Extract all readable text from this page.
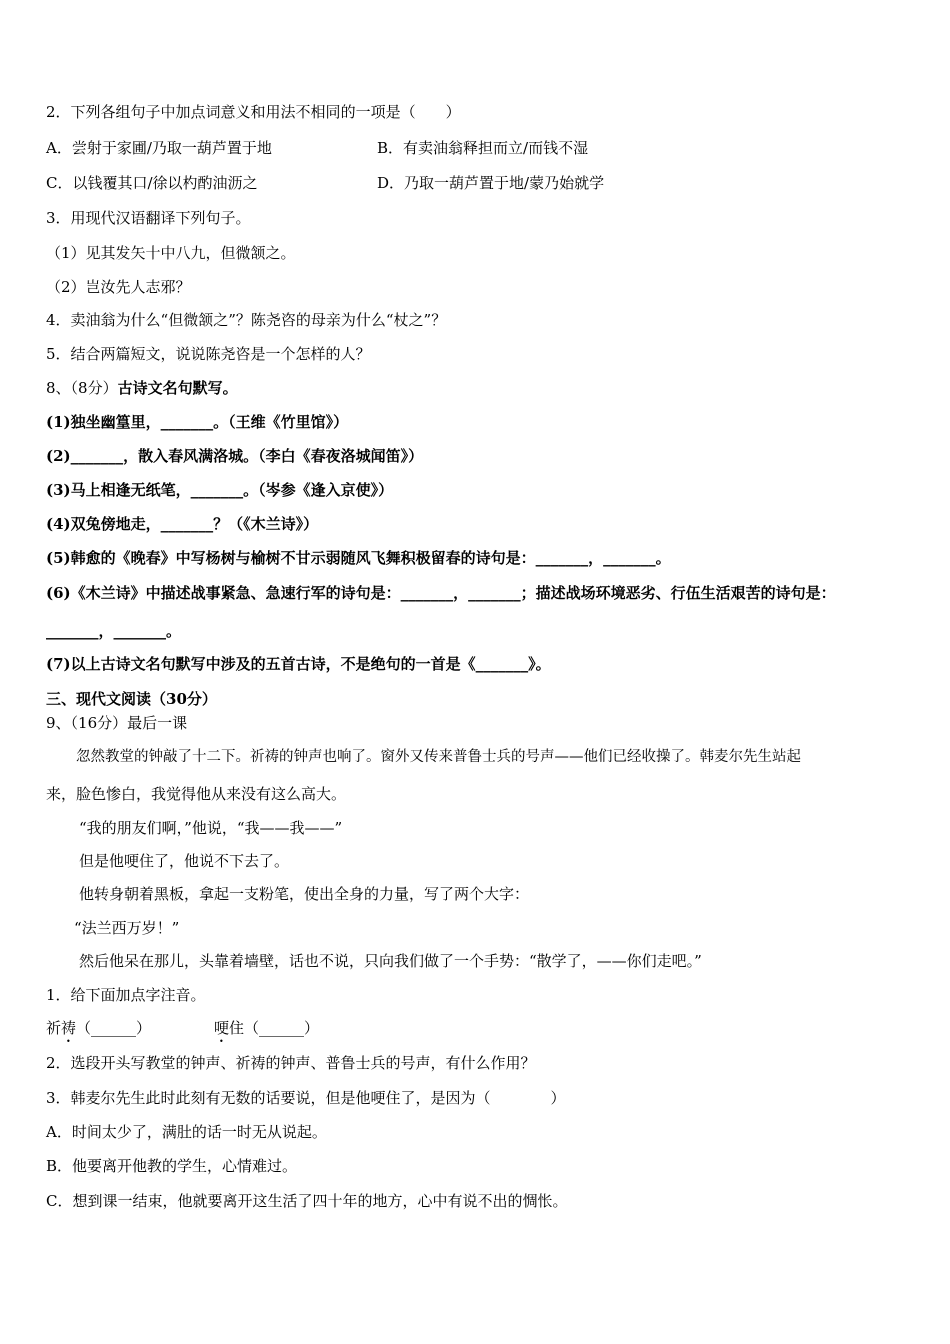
2．下列各组句子中加点词意义和用法不相同的一项是（　　）
A．尝射于家圃/乃取一葫芦置于地	B．有卖油翁释担而立/而钱不湿
C．以钱覆其口/徐以杓酌油沥之	D．乃取一葫芦置于地/蒙乃始就学
3．用现代汉语翻译下列句子。
（1）见其发矢十中八九，但微颔之。
（2）岂汝先人志邪？
4．卖油翁为什么“但微颔之”？陈尧咨的母亲为什么“杖之”？
5．结合两篇短文，说说陈尧咨是一个怎样的人？
8、（8分）古诗文名句默写。
(1)独坐幽篁里，_______。（王维《竹里馆》）
(2)_______，散入春风满洛城。（李白《春夜洛城闻笛》）
(3)马上相逢无纸笔，_______。（岑参《逢入京使》）
(4)双兔傍地走，_______？（《木兰诗》）
(5)韩愈的《晚春》中写杨树与榆树不甘示弱随风飞舞积极留春的诗句是：_______，_______。
(6)《木兰诗》中描述战事紧急、急速行军的诗句是：_______，_______；描述战场环境恶劣、行伍生活艰苦的诗句是：
_______，_______。
(7)以上古诗文名句默写中涉及的五首古诗，不是绝句的一首是《_______》。
三、现代文阅读（30分）
9、（16分）最后一课
忽然教堂的钟敲了十二下。祈祷的钟声也响了。窗外又传来普鲁士兵的号声——他们已经收操了。韩麦尔先生站起
来，脸色惨白，我觉得他从来没有这么高大。
“我的朋友们啊，”他说，“我——我——”
但是他哽住了，他说不下去了。
他转身朝着黑板，拿起一支粉笔，使出全身的力量，写了两个大字：
“法兰西万岁！”
然后他呆在那儿，头靠着墙壁，话也不说，只向我们做了一个手势：“散学了，——你们走吧。”
1．给下面加点字注音。
祈祷（______）	哽住（______）
2．选段开头写教堂的钟声、祈祷的钟声、普鲁士兵的号声，有什么作用？
3．韩麦尔先生此时此刻有无数的话要说，但是他哽住了，是因为（　　　　）
A．时间太少了，满肚的话一时无从说起。
B．他要离开他教的学生，心情难过。
C．想到课一结束，他就要离开这生活了四十年的地方，心中有说不出的惆怅。
